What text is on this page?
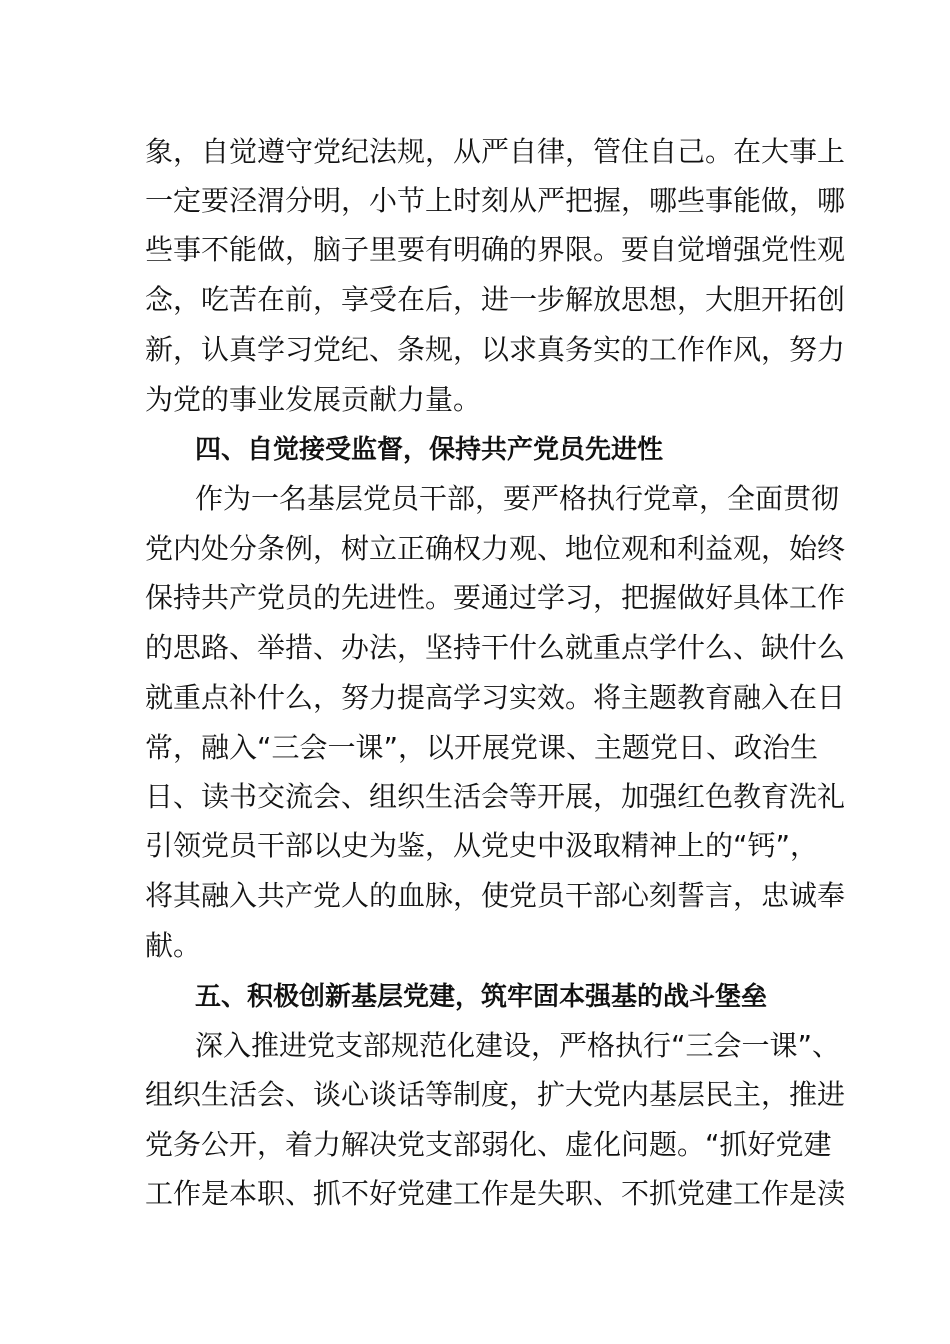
象，自觉遵守党纪法规，从严自律，管住自己。在大事上
一定要泾渭分明，小节上时刻从严把握，哪些事能做，哪
些事不能做，脑子里要有明确的界限。要自觉增强党性观
念，吃苦在前，享受在后，进一步解放思想，大胆开拓创
新，认真学习党纪、条规，以求真务实的工作作风，努力
为党的事业发展贡献力量。
四、自觉接受监督，保持共产党员先进性
作为一名基层党员干部，要严格执行党章，全面贯彻
党内处分条例，树立正确权力观、地位观和利益观，始终
保持共产党员的先进性。要通过学习，把握做好具体工作
的思路、举措、办法，坚持干什么就重点学什么、缺什么
就重点补什么，努力提高学习实效。将主题教育融入在日
常，融入“三会一课”，以开展党课、主题党日、政治生
日、读书交流会、组织生活会等开展，加强红色教育洗礼
引领党员干部以史为鉴，从党史中汲取精神上的“钙”，
将其融入共产党人的血脉，使党员干部心刻誓言，忠诚奉
献。
五、积极创新基层党建，筑牢固本强基的战斗堡垒
深入推进党支部规范化建设，严格执行“三会一课”、
组织生活会、谈心谈话等制度，扩大党内基层民主，推进
党务公开，着力解决党支部弱化、虚化问题。“抓好党建
工作是本职、抓不好党建工作是失职、不抓党建工作是渎
